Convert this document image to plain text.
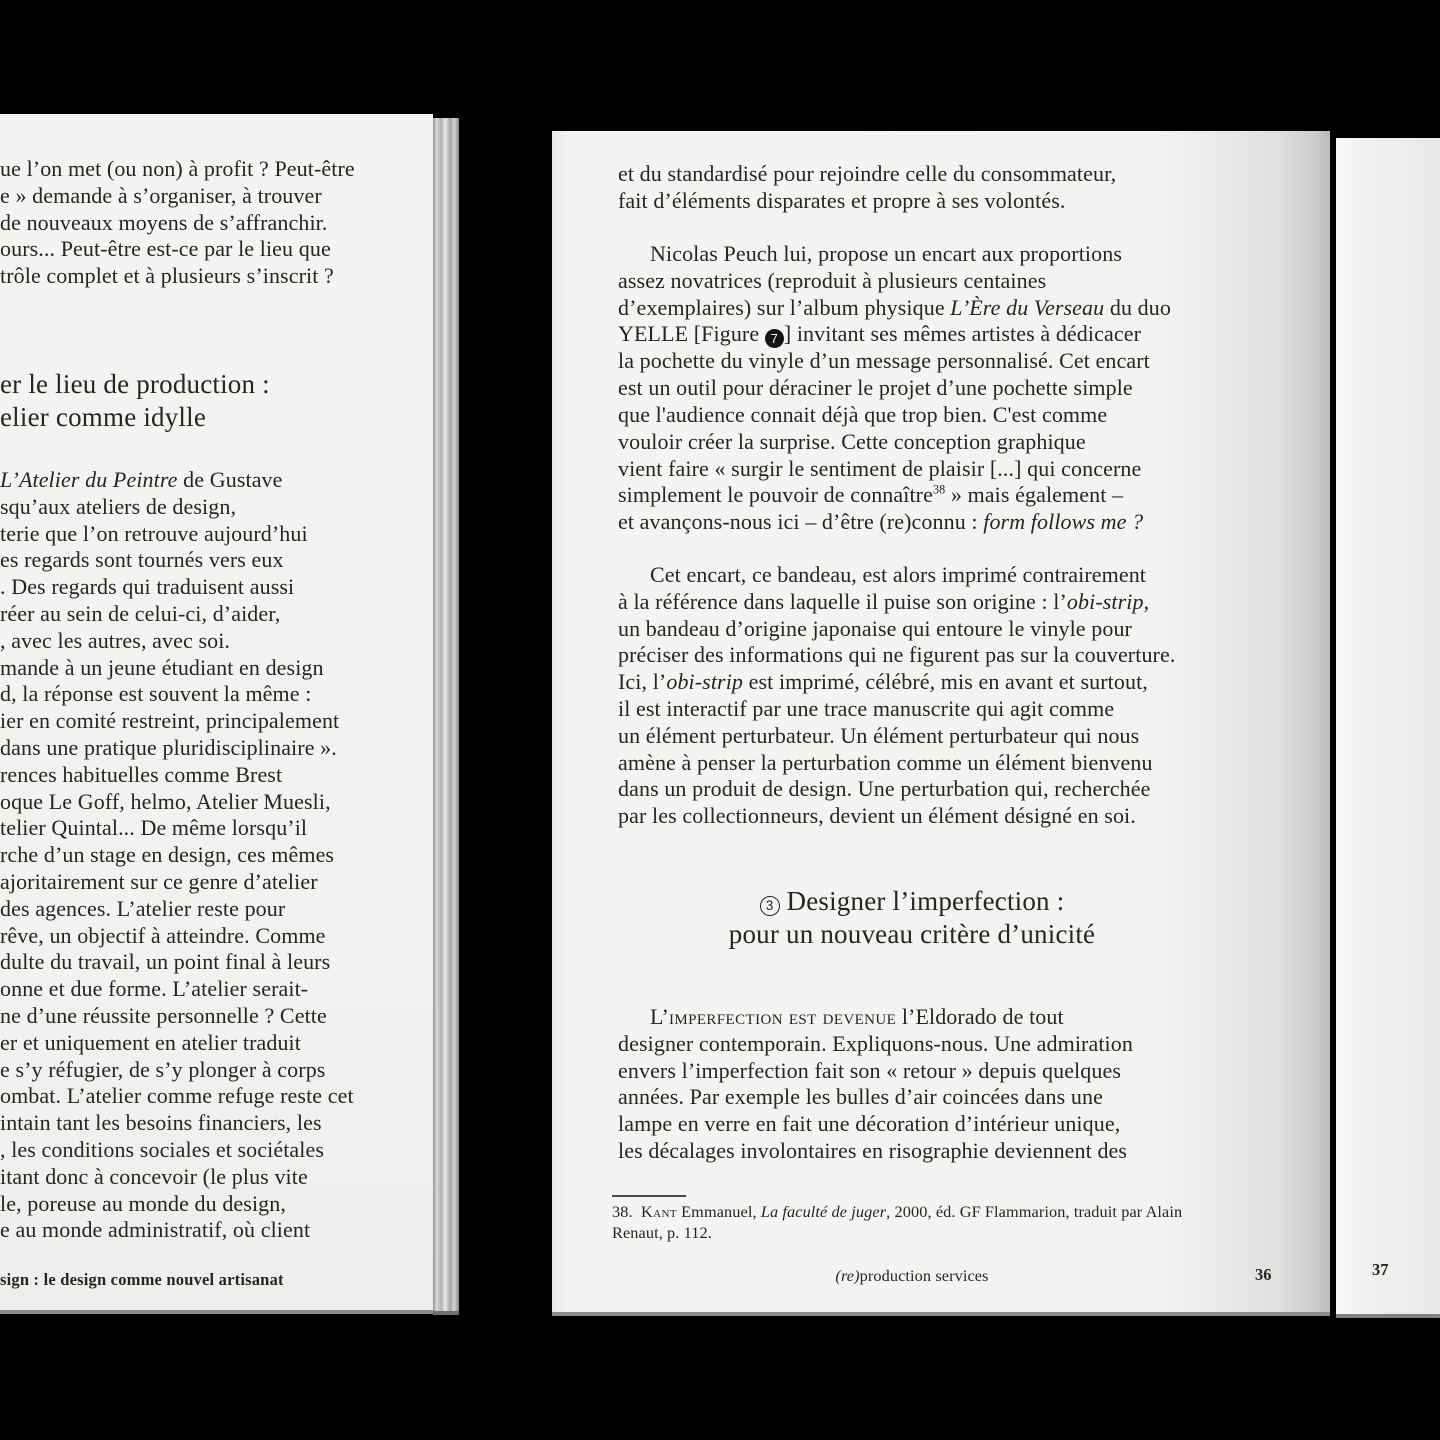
ue l’on met (ou non) à profit ? Peut-être
e » demande à s’organiser, à trouver
de nouveaux moyens de s’affranchir.
ours... Peut-être est-ce par le lieu que
trôle complet et à plusieurs s’inscrit ?
er le lieu de production :
elier comme idylle
L’Atelier du Peintre de Gustave
squ’aux ateliers de design,
terie que l’on retrouve aujourd’hui
es regards sont tournés vers eux
. Des regards qui traduisent aussi
réer au sein de celui-ci, d’aider,
, avec les autres, avec soi.
mande à un jeune étudiant en design
d, la réponse est souvent la même :
ier en comité restreint, principalement
dans une pratique pluridisciplinaire ».
rences habituelles comme Brest
oque Le Goff, helmo, Atelier Muesli,
telier Quintal... De même lorsqu’il
rche d’un stage en design, ces mêmes
ajoritairement sur ce genre d’atelier
des agences. L’atelier reste pour
rêve, un objectif à atteindre. Comme
dulte du travail, un point final à leurs
onne et due forme. L’atelier serait-
ne d’une réussite personnelle ? Cette
er et uniquement en atelier traduit
e s’y réfugier, de s’y plonger à corps
ombat. L’atelier comme refuge reste cet
intain tant les besoins financiers, les
, les conditions sociales et sociétales
itant donc à concevoir (le plus vite
le, poreuse au monde du design,
e au monde administratif, où client
sign : le design comme nouvel artisanat
et du standardisé pour rejoindre celle du consommateur,
fait d’éléments disparates et propre à ses volontés.
Nicolas Peuch lui, propose un encart aux proportions
assez novatrices (reproduit à plusieurs centaines
d’exemplaires) sur l’album physique L’Ère du Verseau du duo
YELLE [Figure 7 ] invitant ses mêmes artistes à dédicacer
la pochette du vinyle d’un message personnalisé. Cet encart
est un outil pour déraciner le projet d’une pochette simple
que l'audience connait déjà que trop bien. C'est comme
vouloir créer la surprise. Cette conception graphique
vient faire « surgir le sentiment de plaisir [...] qui concerne
simplement le pouvoir de connaître$^{38}$ » mais également –
et avançons-nous ici – d’être (re)connu : form follows me ?
Cet encart, ce bandeau, est alors imprimé contrairement
à la référence dans laquelle il puise son origine : l’obi-strip,
un bandeau d’origine japonaise qui entoure le vinyle pour
préciser des informations qui ne figurent pas sur la couverture.
Ici, l’obi-strip est imprimé, célébré, mis en avant et surtout,
il est interactif par une trace manuscrite qui agit comme
un élément perturbateur. Un élément perturbateur qui nous
amène à penser la perturbation comme un élément bienvenu
dans un produit de design. Une perturbation qui, recherchée
par les collectionneurs, devient un élément désigné en soi.
3 Designer l’imperfection :
pour un nouveau critère d’unicité
L’imperfection est devenue l’Eldorado de tout
designer contemporain. Expliquons-nous. Une admiration
envers l’imperfection fait son « retour » depuis quelques
années. Par exemple les bulles d’air coincées dans une
lampe en verre en fait une décoration d’intérieur unique,
les décalages involontaires en risographie deviennent des
38.  Kant Emmanuel, La faculté de juger, 2000, éd. GF Flammarion, traduit par Alain
Renaut, p. 112.
(re)production services	36	37
